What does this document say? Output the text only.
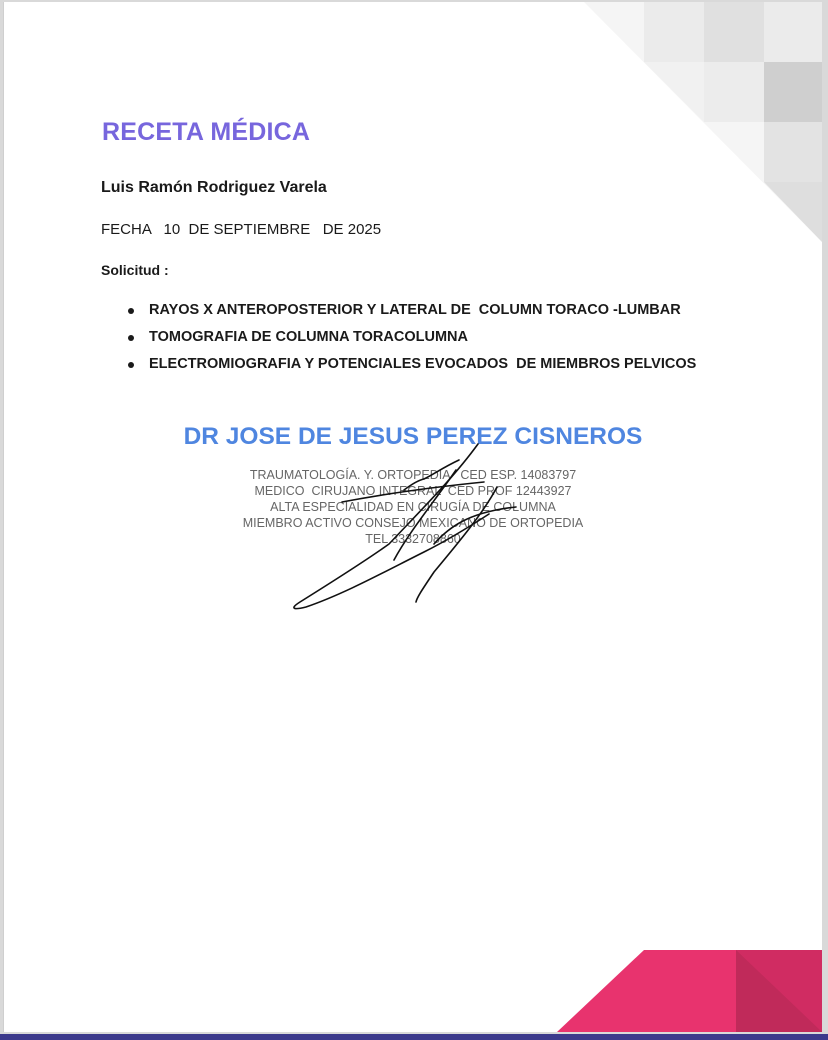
RECETA MÉDICA
Luis Ramón Rodriguez Varela
FECHA   10  DE SEPTIEMBRE   DE 2025
Solicitud :
RAYOS X ANTEROPOSTERIOR Y LATERAL DE  COLUMN TORACO -LUMBAR
TOMOGRAFIA DE COLUMNA TORACOLUMNA
ELECTROMIOGRAFIA Y POTENCIALES EVOCADOS  DE MIEMBROS PELVICOS
DR JOSE DE JESUS PEREZ CISNEROS
TRAUMATOLOGÍA. Y. ORTOPEDIA   CED ESP. 14083797
MEDICO  CIRUJANO INTEGRAL  CED PROF 12443927
ALTA ESPECIALIDAD EN CIRUGÍA DE COLUMNA
MIEMBRO ACTIVO CONSEJO MEXICANO DE ORTOPEDIA
TEL 3332708860
